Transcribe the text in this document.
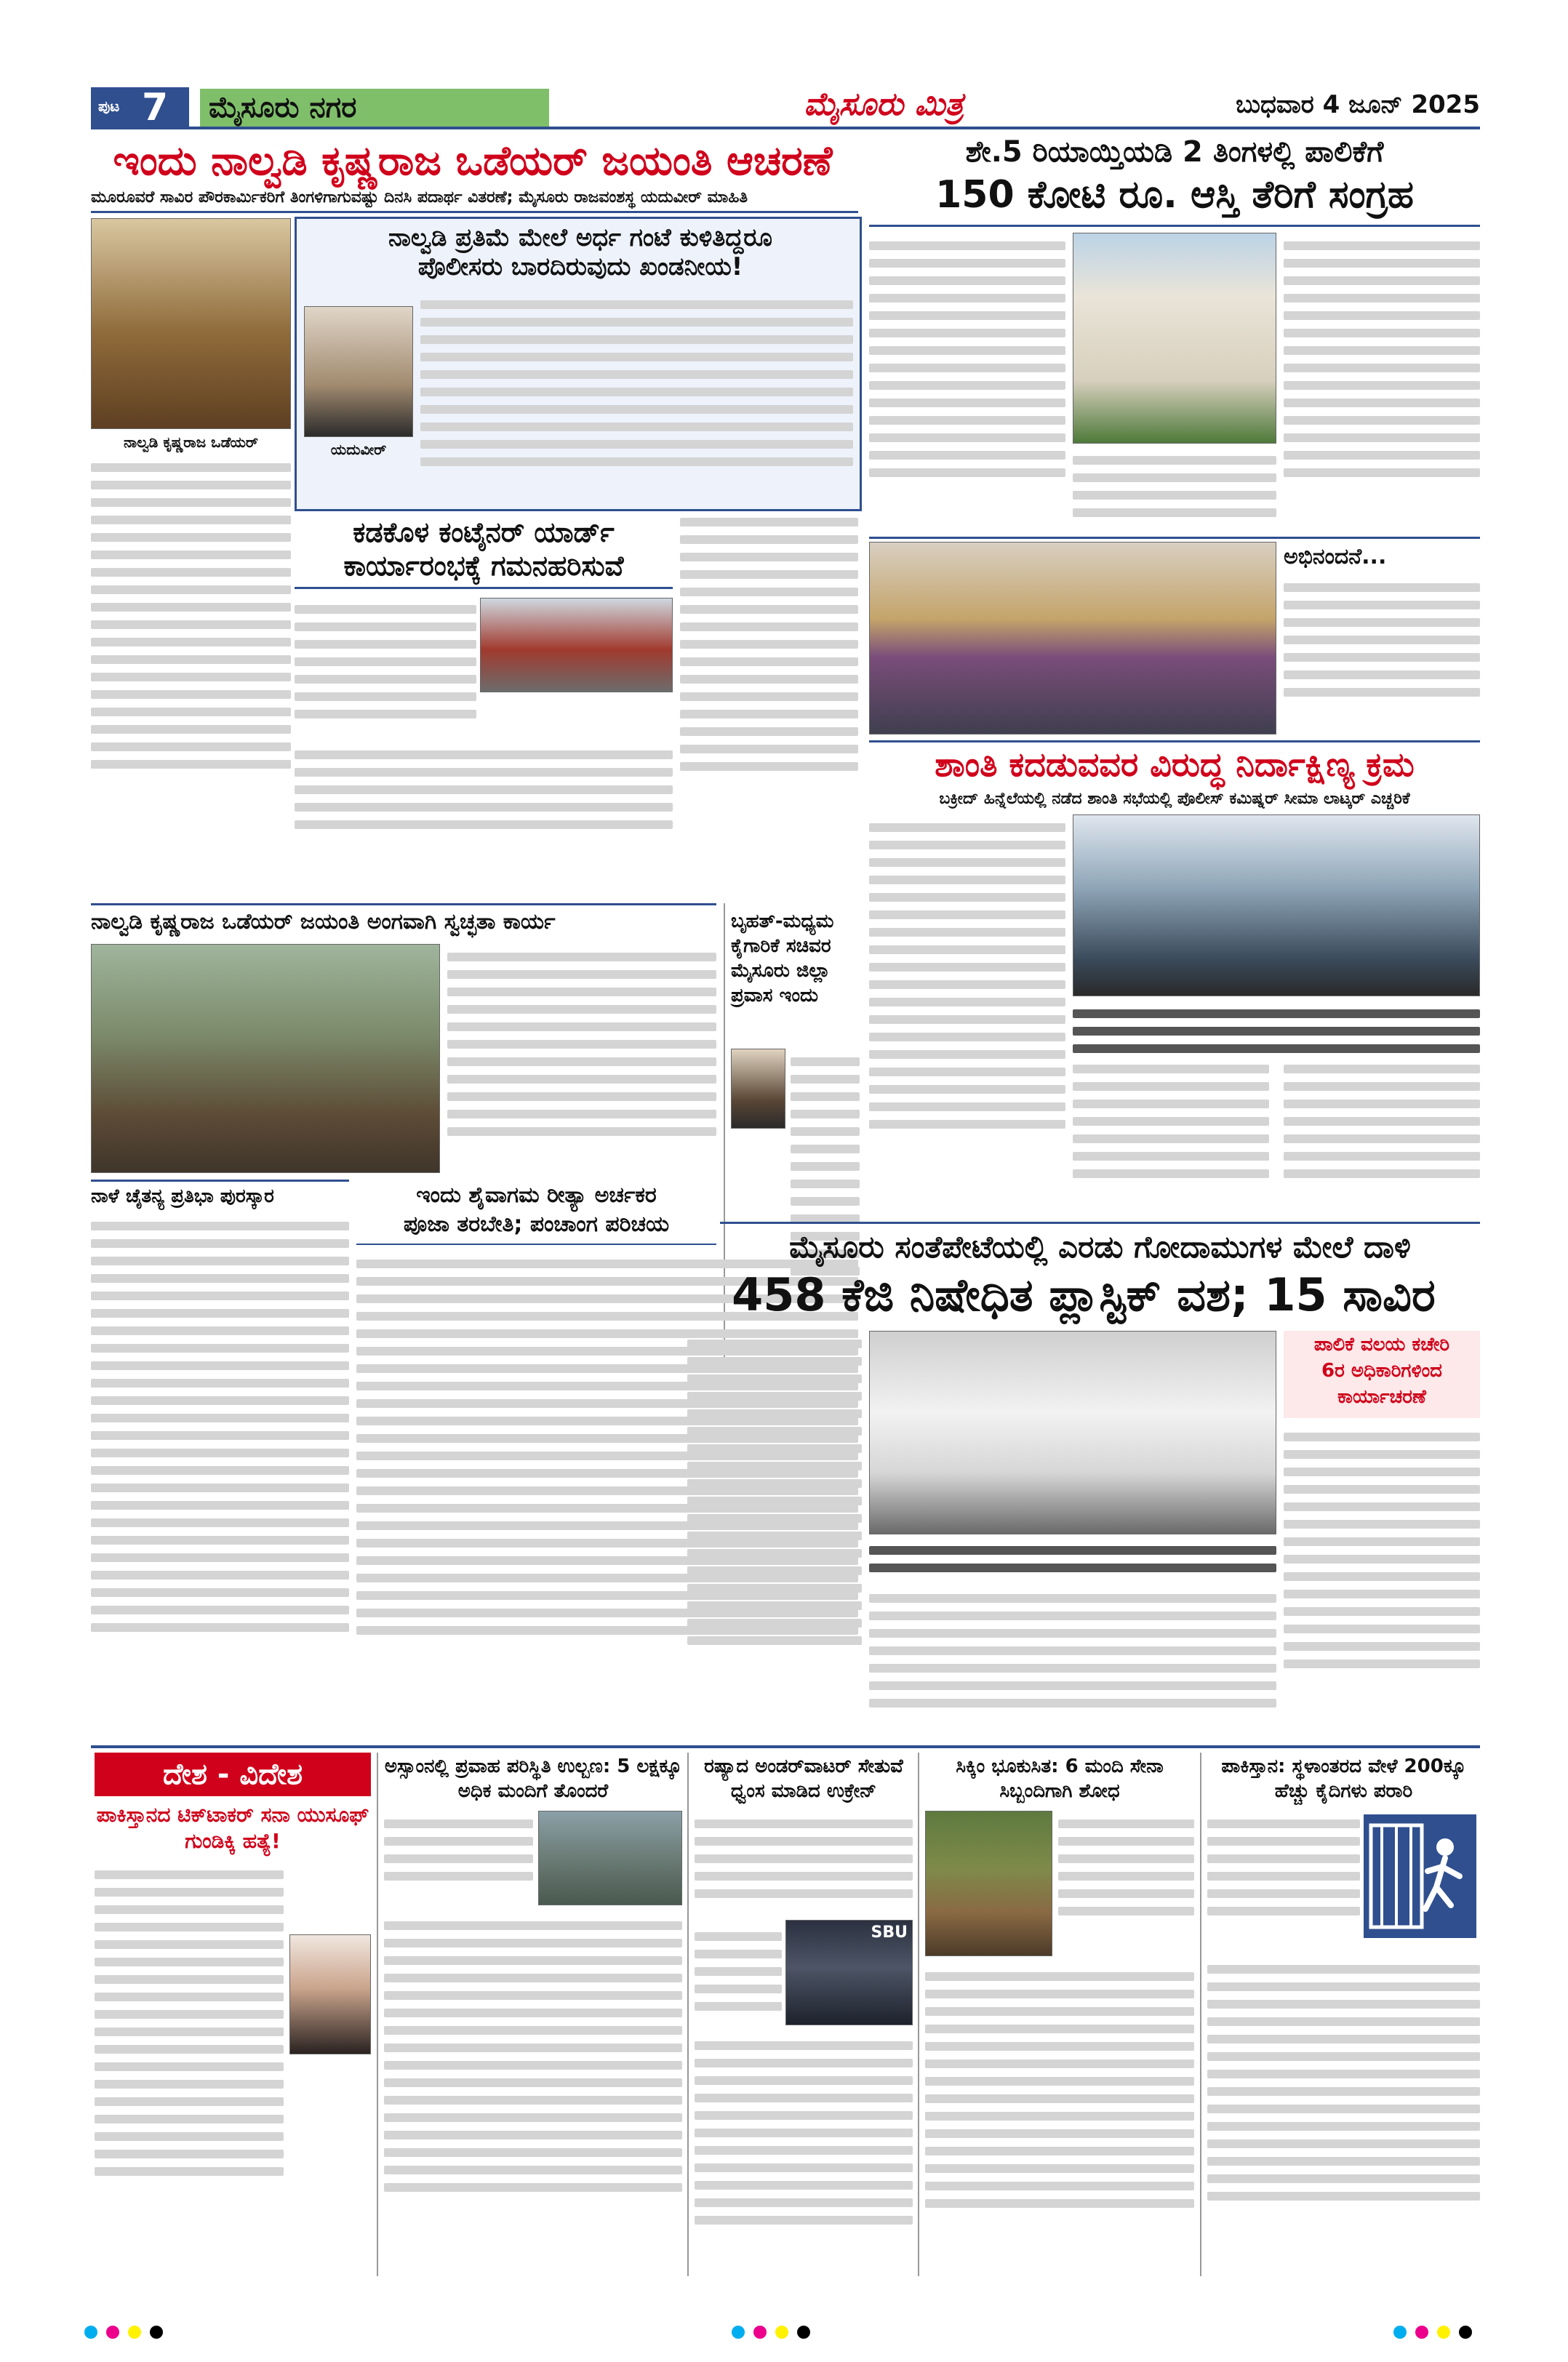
ಪುಟ 7	ಮೈಸೂರು ನಗರ	ಮೈಸೂರು ಮಿತ್ರ	ಬುಧವಾರ 4 ಜೂನ್ 2025
ಇಂದು ನಾಲ್ವಡಿ ಕೃಷ್ಣರಾಜ ಒಡೆಯರ್ ಜಯಂತಿ ಆಚರಣೆ
ಮೂರೂವರೆ ಸಾವಿರ ಪೌರಕಾರ್ಮಿಕರಿಗೆ ತಿಂಗಳಿಗಾಗುವಷ್ಟು ದಿನಸಿ ಪದಾರ್ಥ ವಿತರಣೆ; ಮೈಸೂರು ರಾಜವಂಶಸ್ಥ ಯದುವೀರ್ ಮಾಹಿತಿ
ನಾಲ್ವಡಿ ಕೃಷ್ಣರಾಜ ಒಡೆಯರ್
ನಾಲ್ವಡಿ ಪ್ರತಿಮೆ ಮೇಲೆ ಅರ್ಧ ಗಂಟೆ ಕುಳಿತಿದ್ದರೂ
ಪೊಲೀಸರು ಬಾರದಿರುವುದು ಖಂಡನೀಯ!
ಯದುವೀರ್
ಕಡಕೊಳ ಕಂಟೈನರ್ ಯಾರ್ಡ್
ಕಾರ್ಯಾರಂಭಕ್ಕೆ ಗಮನಹರಿಸುವೆ
ನಾಲ್ವಡಿ ಕೃಷ್ಣರಾಜ ಒಡೆಯರ್ ಜಯಂತಿ ಅಂಗವಾಗಿ ಸ್ವಚ್ಛತಾ ಕಾರ್ಯ	ಬೃಹತ್-ಮಧ್ಯಮ ಕೈಗಾರಿಕೆ ಸಚಿವರ ಮೈಸೂರು ಜಿಲ್ಲಾ ಪ್ರವಾಸ ಇಂದು
ನಾಳೆ ಚೈತನ್ಯ ಪ್ರತಿಭಾ ಪುರಸ್ಕಾರ	ಇಂದು ಶೈವಾಗಮ ರೀತ್ಯಾ ಅರ್ಚಕರ
ಪೂಜಾ ತರಬೇತಿ; ಪಂಚಾಂಗ ಪರಿಚಯ
ಶೇ.5 ರಿಯಾಯ್ತಿಯಡಿ 2 ತಿಂಗಳಲ್ಲಿ ಪಾಲಿಕೆಗೆ
150 ಕೋಟಿ ರೂ. ಆಸ್ತಿ ತೆರಿಗೆ ಸಂಗ್ರಹ
ಅಭಿನಂದನೆ...
ಶಾಂತಿ ಕದಡುವವರ ವಿರುದ್ಧ ನಿರ್ದಾಕ್ಷಿಣ್ಯ ಕ್ರಮ
ಬಕ್ರೀದ್ ಹಿನ್ನೆಲೆಯಲ್ಲಿ ನಡೆದ ಶಾಂತಿ ಸಭೆಯಲ್ಲಿ ಪೊಲೀಸ್ ಕಮಿಷ್ನರ್ ಸೀಮಾ ಲಾಟ್ಕರ್ ಎಚ್ಚರಿಕೆ
ಮೈಸೂರು ಸಂತೆಪೇಟೆಯಲ್ಲಿ ಎರಡು ಗೋದಾಮುಗಳ ಮೇಲೆ ದಾಳಿ
458 ಕೆಜಿ ನಿಷೇಧಿತ ಪ್ಲಾಸ್ಟಿಕ್ ವಶ; 15 ಸಾವಿರ
ಪಾಲಿಕೆ ವಲಯ ಕಚೇರಿ
6ರ ಅಧಿಕಾರಿಗಳಿಂದ
ಕಾರ್ಯಾಚರಣೆ
ದೇಶ - ವಿದೇಶ
ಪಾಕಿಸ್ತಾನದ ಟಿಕ್‌ಟಾಕರ್ ಸನಾ ಯುಸೂಫ್ ಗುಂಡಿಕ್ಕಿ ಹತ್ಯೆ!
ಅಸ್ಸಾಂನಲ್ಲಿ ಪ್ರವಾಹ ಪರಿಸ್ಥಿತಿ ಉಲ್ಬಣ: 5 ಲಕ್ಷಕ್ಕೂ ಅಧಿಕ ಮಂದಿಗೆ ತೊಂದರೆ
ರಷ್ಯಾದ ಅಂಡರ್‌ವಾಟರ್ ಸೇತುವೆ ಧ್ವಂಸ ಮಾಡಿದ ಉಕ್ರೇನ್
SBU
ಸಿಕ್ಕಿಂ ಭೂಕುಸಿತ: 6 ಮಂದಿ ಸೇನಾ ಸಿಬ್ಬಂದಿಗಾಗಿ ಶೋಧ
ಪಾಕಿಸ್ತಾನ: ಸ್ಥಳಾಂತರದ ವೇಳೆ 200ಕ್ಕೂ ಹೆಚ್ಚು ಕೈದಿಗಳು ಪರಾರಿ
